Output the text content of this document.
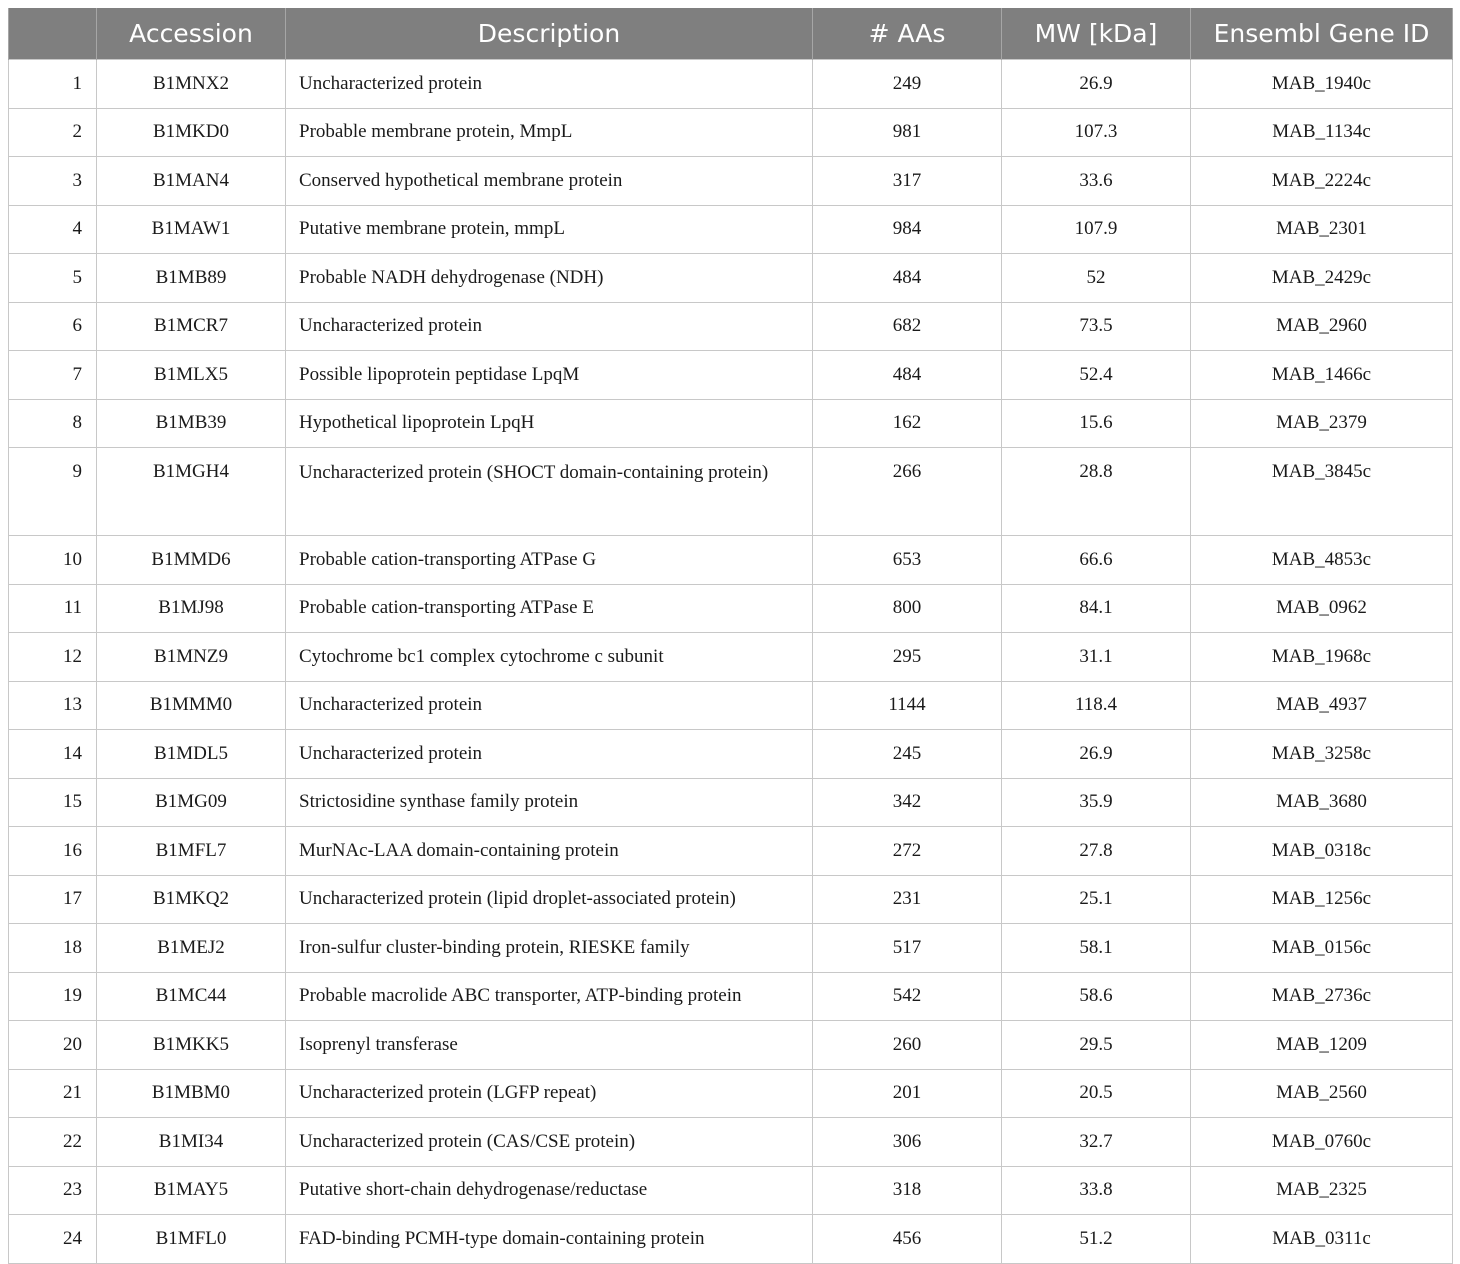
	Accession	Description	# AAs	MW [kDa]	Ensembl Gene ID
1	B1MNX2	Uncharacterized protein	249	26.9	MAB_1940c
2	B1MKD0	Probable membrane protein, MmpL	981	107.3	MAB_1134c
3	B1MAN4	Conserved hypothetical membrane protein	317	33.6	MAB_2224c
4	B1MAW1	Putative membrane protein, mmpL	984	107.9	MAB_2301
5	B1MB89	Probable NADH dehydrogenase (NDH)	484	52	MAB_2429c
6	B1MCR7	Uncharacterized protein	682	73.5	MAB_2960
7	B1MLX5	Possible lipoprotein peptidase LpqM	484	52.4	MAB_1466c
8	B1MB39	Hypothetical lipoprotein LpqH	162	15.6	MAB_2379
9	B1MGH4	Uncharacterized protein (SHOCT domain-containing protein)	266	28.8	MAB_3845c
10	B1MMD6	Probable cation-transporting ATPase G	653	66.6	MAB_4853c
11	B1MJ98	Probable cation-transporting ATPase E	800	84.1	MAB_0962
12	B1MNZ9	Cytochrome bc1 complex cytochrome c subunit	295	31.1	MAB_1968c
13	B1MMM0	Uncharacterized protein	1144	118.4	MAB_4937
14	B1MDL5	Uncharacterized protein	245	26.9	MAB_3258c
15	B1MG09	Strictosidine synthase family protein	342	35.9	MAB_3680
16	B1MFL7	MurNAc-LAA domain-containing protein	272	27.8	MAB_0318c
17	B1MKQ2	Uncharacterized protein (lipid droplet-associated protein)	231	25.1	MAB_1256c
18	B1MEJ2	Iron-sulfur cluster-binding protein, RIESKE family	517	58.1	MAB_0156c
19	B1MC44	Probable macrolide ABC transporter, ATP-binding protein	542	58.6	MAB_2736c
20	B1MKK5	Isoprenyl transferase	260	29.5	MAB_1209
21	B1MBM0	Uncharacterized protein (LGFP repeat)	201	20.5	MAB_2560
22	B1MI34	Uncharacterized protein (CAS/CSE protein)	306	32.7	MAB_0760c
23	B1MAY5	Putative short-chain dehydrogenase/reductase	318	33.8	MAB_2325
24	B1MFL0	FAD-binding PCMH-type domain-containing protein	456	51.2	MAB_0311c
